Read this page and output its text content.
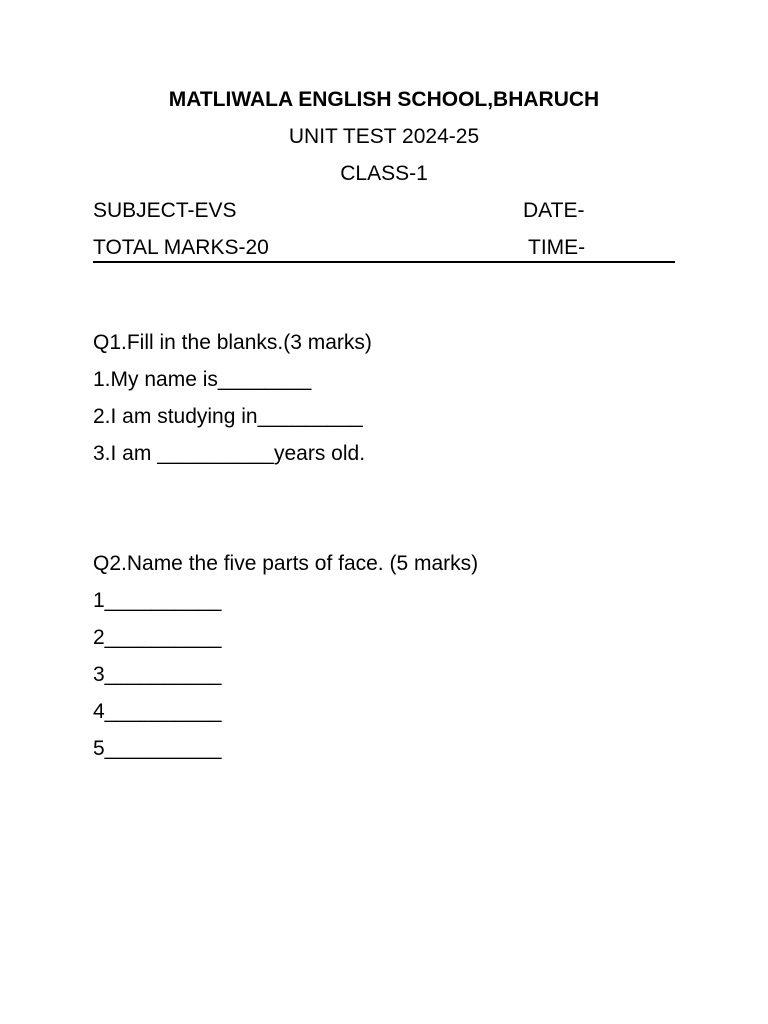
MATLIWALA ENGLISH SCHOOL,BHARUCH
UNIT TEST 2024-25
CLASS-1
SUBJECT-EVS	DATE-
TOTAL MARKS-20	TIME-
Q1.Fill in the blanks.(3 marks)
1.My name is________
2.I am studying in_________
3.I am __________years old.
Q2.Name the five parts of face. (5 marks)
1__________
2__________
3__________
4__________
5__________
